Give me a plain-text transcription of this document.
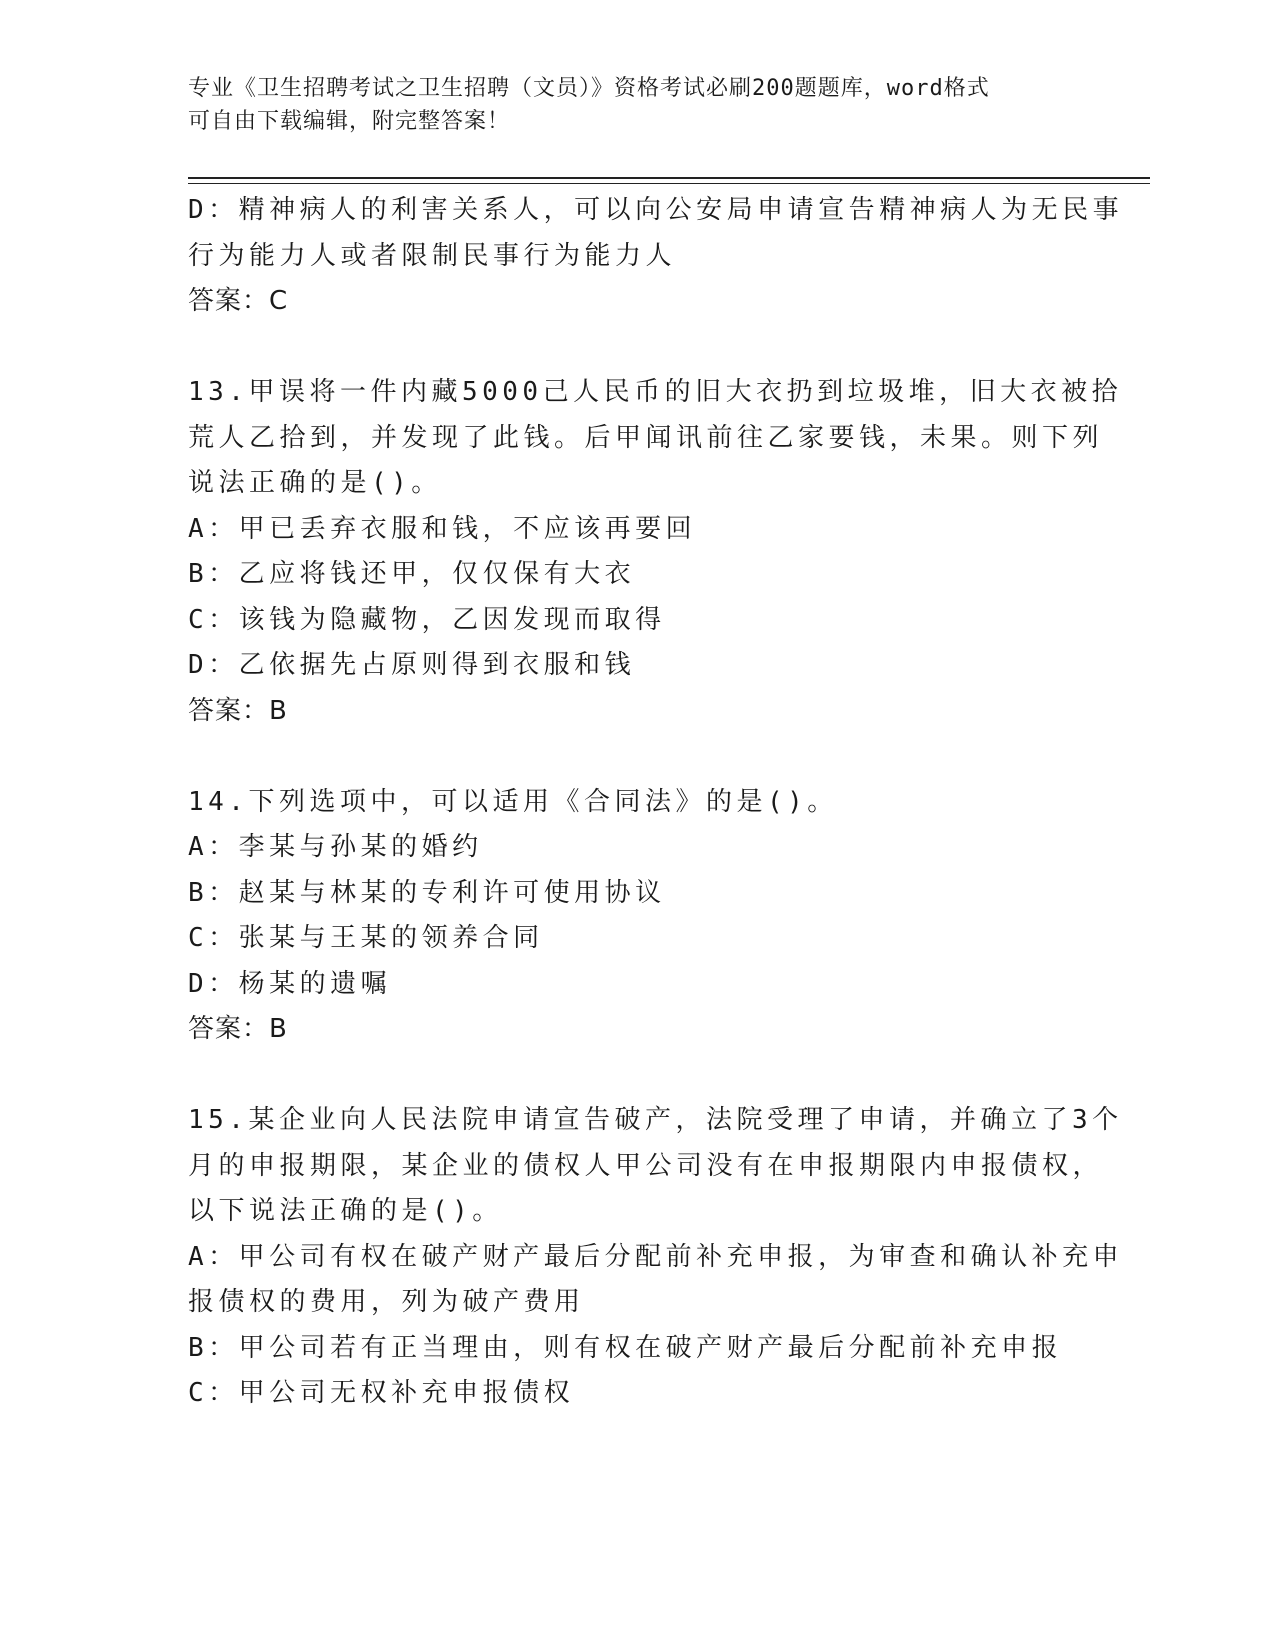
专业《卫生招聘考试之卫生招聘（文员）》资格考试必刷200题题库，word格式
可自由下载编辑，附完整答案！
D：精神病人的利害关系人，可以向公安局申请宣告精神病人为无民事
行为能力人或者限制民事行为能力人
答案：C
13.甲误将一件内藏5000己人民币的旧大衣扔到垃圾堆，旧大衣被拾
荒人乙拾到，并发现了此钱。后甲闻讯前往乙家要钱，未果。则下列
说法正确的是()。
A：甲已丢弃衣服和钱，不应该再要回
B：乙应将钱还甲，仅仅保有大衣
C：该钱为隐藏物，乙因发现而取得
D：乙依据先占原则得到衣服和钱
答案：B
14.下列选项中，可以适用《合同法》的是()。
A：李某与孙某的婚约
B：赵某与林某的专利许可使用协议
C：张某与王某的领养合同
D：杨某的遗嘱
答案：B
15.某企业向人民法院申请宣告破产，法院受理了申请，并确立了3个
月的申报期限，某企业的债权人甲公司没有在申报期限内申报债权，
以下说法正确的是()。
A：甲公司有权在破产财产最后分配前补充申报，为审查和确认补充申
报债权的费用，列为破产费用
B：甲公司若有正当理由，则有权在破产财产最后分配前补充申报
C：甲公司无权补充申报债权
